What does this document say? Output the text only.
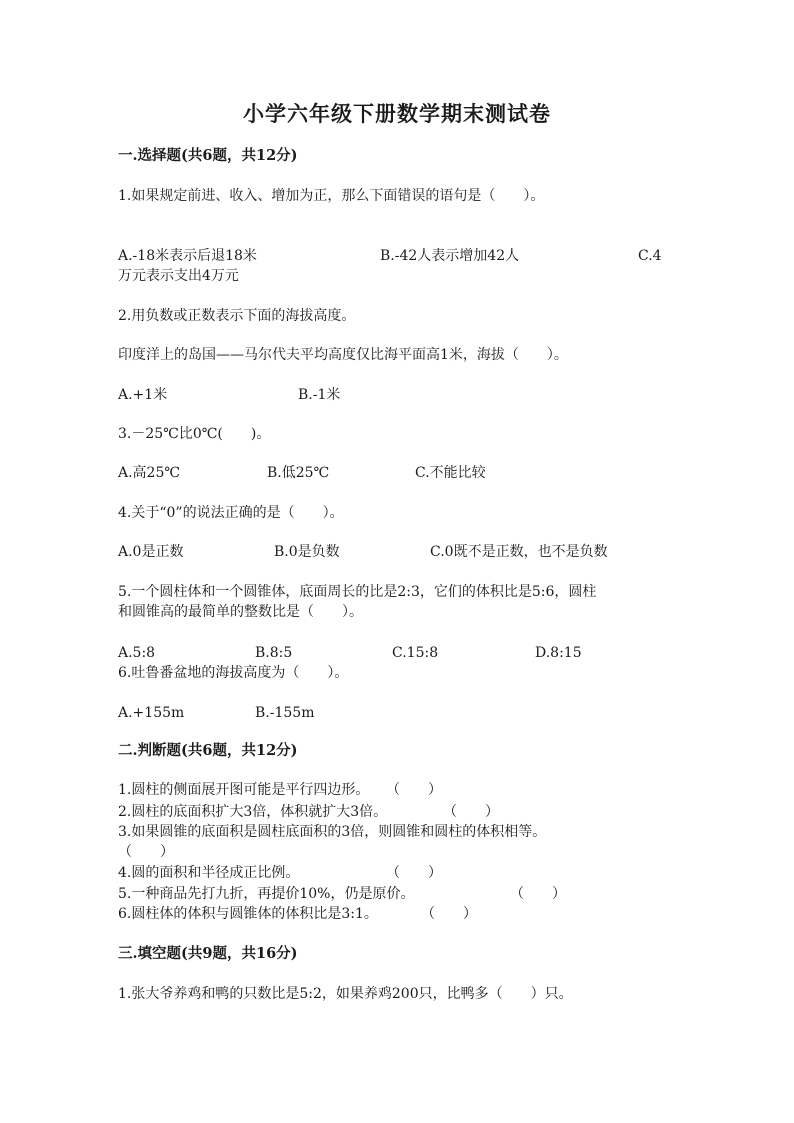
小学六年级下册数学期末测试卷
一.选择题(共6题，共12分)
1.如果规定前进、收入、增加为正，那么下面错误的语句是（　　）。
A.-18米表示后退18米	B.-42人表示增加42人	C.4
万元表示支出4万元
2.用负数或正数表示下面的海拔高度。
印度洋上的岛国——马尔代夫平均高度仅比海平面高1米，海拔（　　）。
A.+1米	B.-1米
3.－25℃比0℃(　　)。
A.高25℃	B.低25℃	C.不能比较
4.关于“0”的说法正确的是（　　）。
A.0是正数	B.0是负数	C.0既不是正数，也不是负数
5.一个圆柱体和一个圆锥体，底面周长的比是2:3，它们的体积比是5:6，圆柱
和圆锥高的最简单的整数比是（　　）。
A.5:8	B.8:5	C.15:8	D.8:15
6.吐鲁番盆地的海拔高度为（　　）。
A.+155m	B.-155m
二.判断题(共6题，共12分)
1.圆柱的侧面展开图可能是平行四边形。 （　　）
2.圆柱的底面积扩大3倍，体积就扩大3倍。	（　　）
3.如果圆锥的底面积是圆柱底面积的3倍，则圆锥和圆柱的体积相等。
（　　）
4.圆的面积和半径成正比例。	（　　）
5.一种商品先打九折，再提价10%，仍是原价。	（　　）
6.圆柱体的体积与圆锥体的体积比是3:1。	（　　）
三.填空题(共9题，共16分)
1.张大爷养鸡和鸭的只数比是5:2，如果养鸡200只，比鸭多（　　）只。
